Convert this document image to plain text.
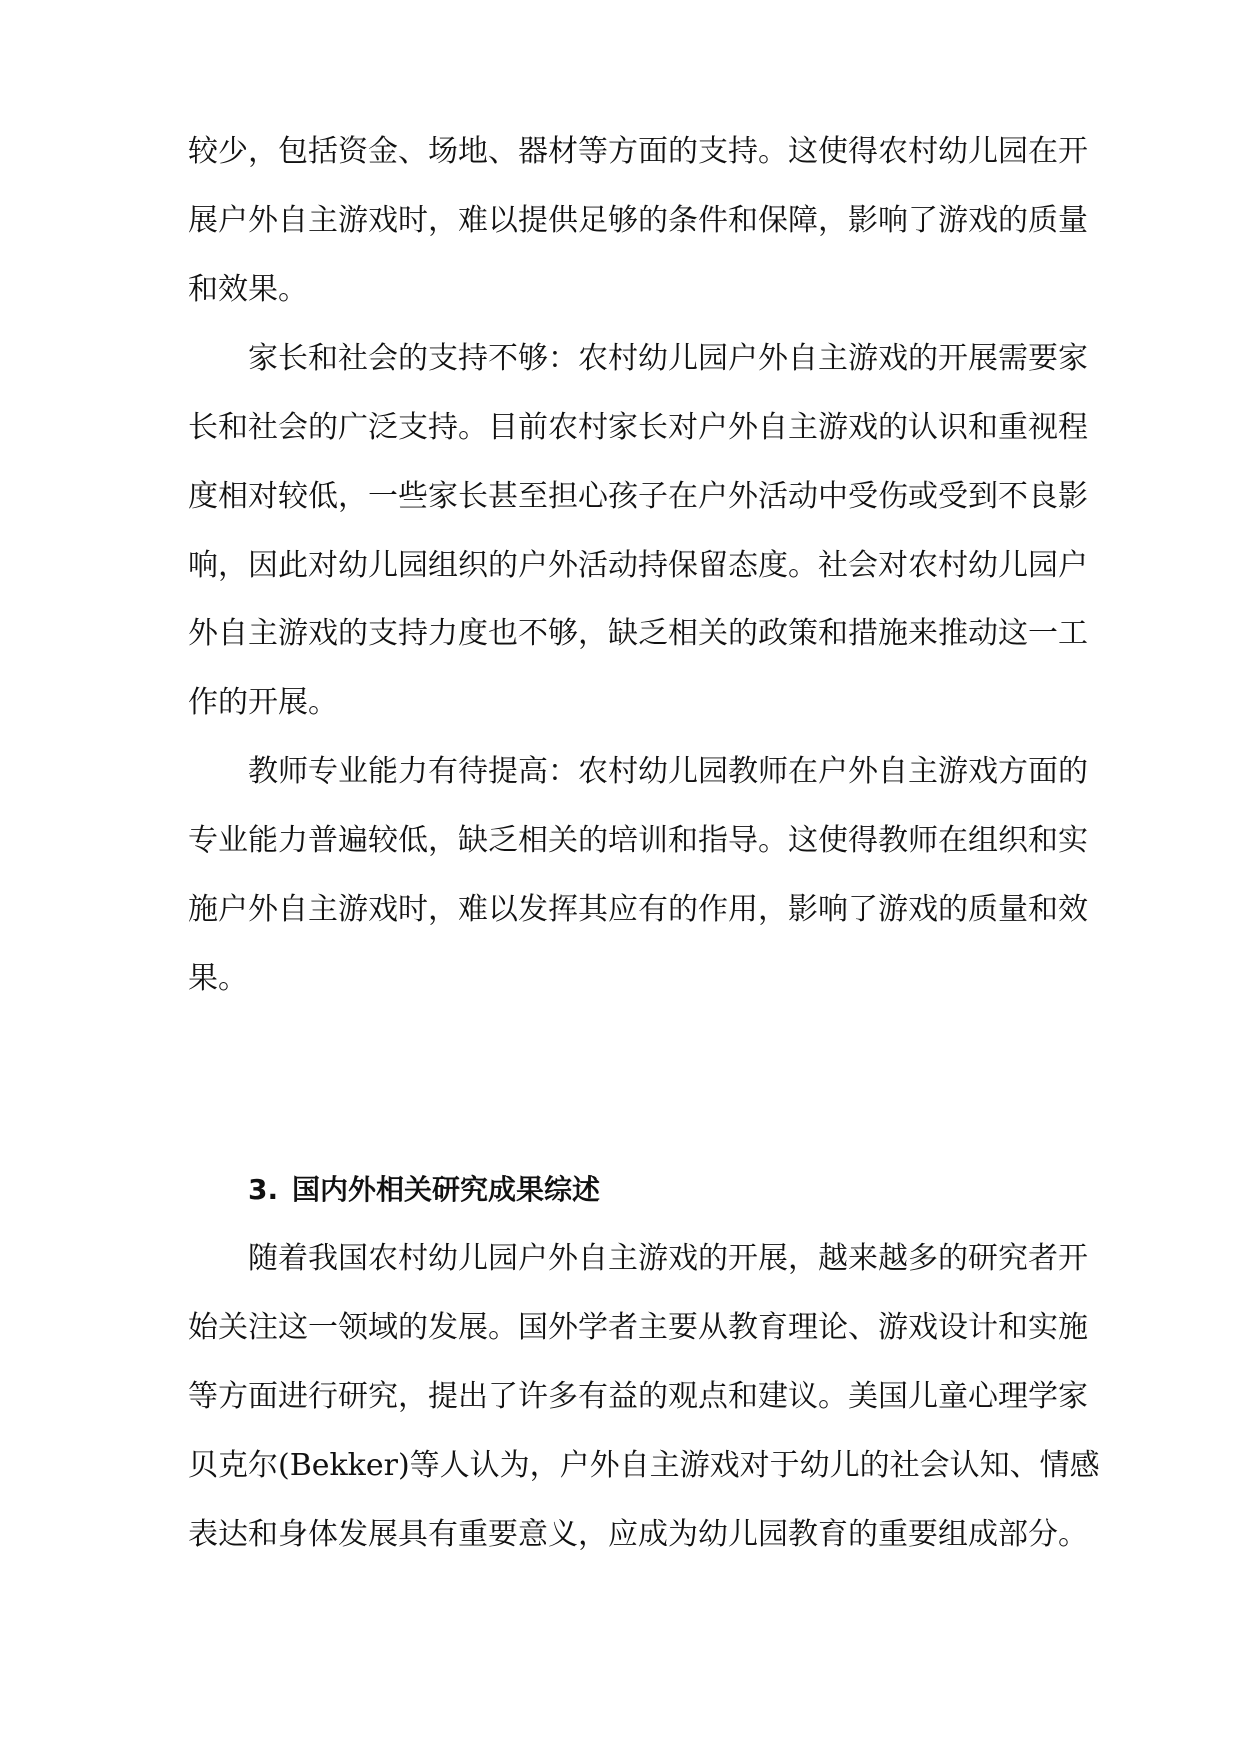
较少，包括资金、场地、器材等方面的支持。这使得农村幼儿园在开
展户外自主游戏时，难以提供足够的条件和保障，影响了游戏的质量
和效果。
家长和社会的支持不够：农村幼儿园户外自主游戏的开展需要家
长和社会的广泛支持。目前农村家长对户外自主游戏的认识和重视程
度相对较低，一些家长甚至担心孩子在户外活动中受伤或受到不良影
响，因此对幼儿园组织的户外活动持保留态度。社会对农村幼儿园户
外自主游戏的支持力度也不够，缺乏相关的政策和措施来推动这一工
作的开展。
教师专业能力有待提高：农村幼儿园教师在户外自主游戏方面的
专业能力普遍较低，缺乏相关的培训和指导。这使得教师在组织和实
施户外自主游戏时，难以发挥其应有的作用，影响了游戏的质量和效
果。
3. 国内外相关研究成果综述
随着我国农村幼儿园户外自主游戏的开展，越来越多的研究者开
始关注这一领域的发展。国外学者主要从教育理论、游戏设计和实施
等方面进行研究，提出了许多有益的观点和建议。美国儿童心理学家
贝克尔(Bekker)等人认为，户外自主游戏对于幼儿的社会认知、情感
表达和身体发展具有重要意义，应成为幼儿园教育的重要组成部分。
